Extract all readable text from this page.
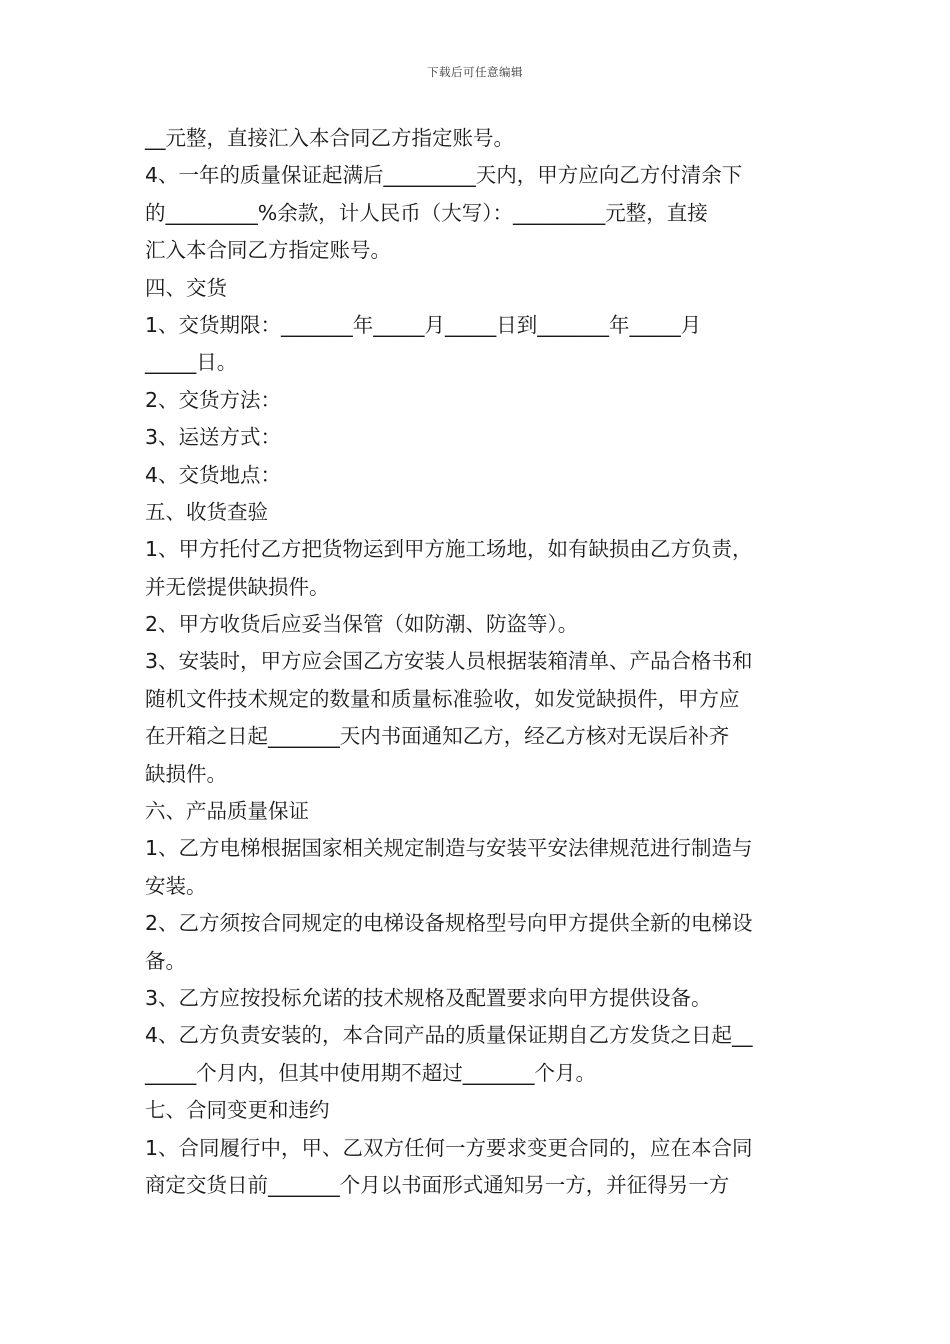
下载后可任意编辑
__元整，直接汇入本合同乙方指定账号。
4、一年的质量保证起满后_________天内，甲方应向乙方付清余下
的_________%余款，计人民币（大写）：_________元整，直接
汇入本合同乙方指定账号。
四、交货
1、交货期限：_______年_____月_____日到_______年_____月
_____日。
2、交货方法：
3、运送方式：
4、交货地点：
五、收货查验
1、甲方托付乙方把货物运到甲方施工场地，如有缺损由乙方负责，
并无偿提供缺损件。
2、甲方收货后应妥当保管（如防潮、防盗等）。
3、安装时，甲方应会国乙方安装人员根据装箱清单、产品合格书和
随机文件技术规定的数量和质量标准验收，如发觉缺损件，甲方应
在开箱之日起_______天内书面通知乙方，经乙方核对无误后补齐
缺损件。
六、产品质量保证
1、乙方电梯根据国家相关规定制造与安装平安法律规范进行制造与
安装。
2、乙方须按合同规定的电梯设备规格型号向甲方提供全新的电梯设
备。
3、乙方应按投标允诺的技术规格及配置要求向甲方提供设备。
4、乙方负责安装的，本合同产品的质量保证期自乙方发货之日起__
_____个月内，但其中使用期不超过_______个月。
七、合同变更和违约
1、合同履行中，甲、乙双方任何一方要求变更合同的，应在本合同
商定交货日前_______个月以书面形式通知另一方，并征得另一方
